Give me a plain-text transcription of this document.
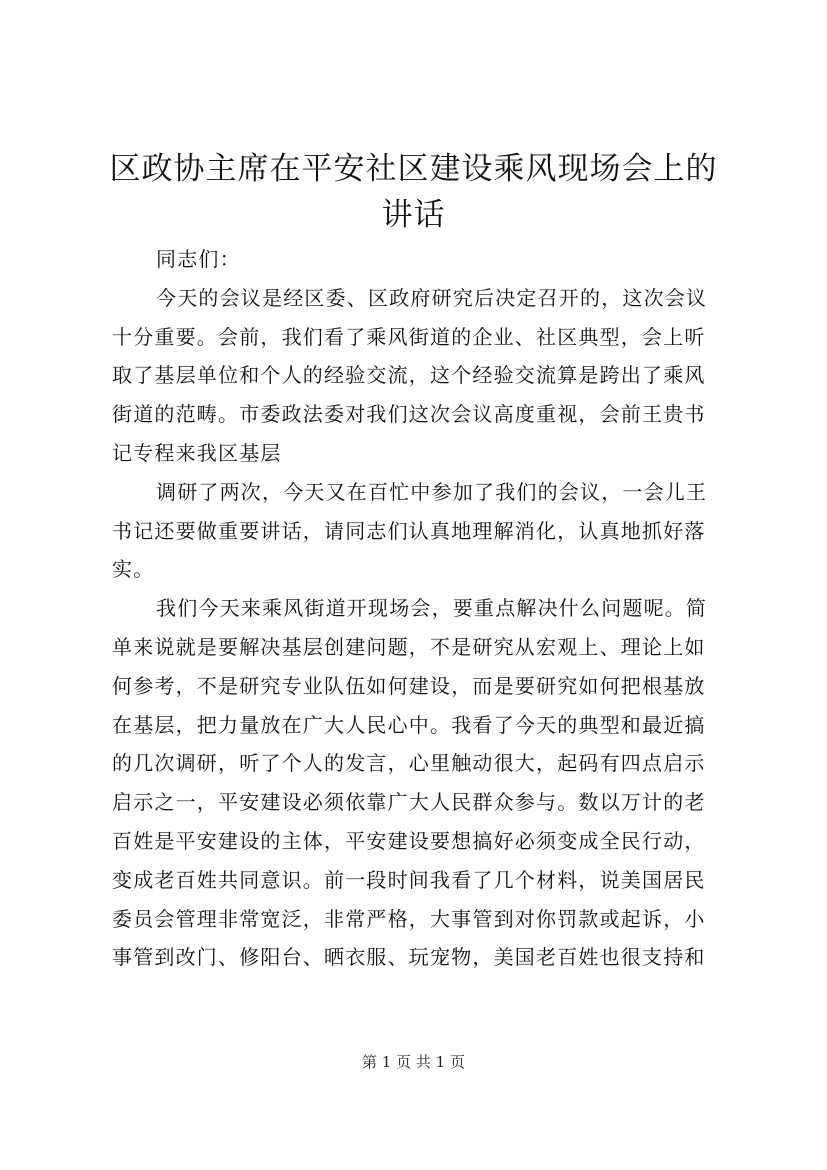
区政协主席在平安社区建设乘风现场会上的讲话

同志们：

今天的会议是经区委、区政府研究后决定召开的，这次会议
十分重要。会前，我们看了乘风街道的企业、社区典型，会上听
取了基层单位和个人的经验交流，这个经验交流算是跨出了乘风
街道的范畴。市委政法委对我们这次会议高度重视，会前王贵书
记专程来我区基层

调研了两次，今天又在百忙中参加了我们的会议，一会儿王
书记还要做重要讲话，请同志们认真地理解消化，认真地抓好落
实。

我们今天来乘风街道开现场会，要重点解决什么问题呢。简
单来说就是要解决基层创建问题，不是研究从宏观上、理论上如
何参考，不是研究专业队伍如何建设，而是要研究如何把根基放
在基层，把力量放在广大人民心中。我看了今天的典型和最近搞
的几次调研，听了个人的发言，心里触动很大，起码有四点启示
启示之一，平安建设必须依靠广大人民群众参与。数以万计的老
百姓是平安建设的主体，平安建设要想搞好必须变成全民行动，
变成老百姓共同意识。前一段时间我看了几个材料，说美国居民
委员会管理非常宽泛，非常严格，大事管到对你罚款或起诉，小
事管到改门、修阳台、晒衣服、玩宠物，美国老百姓也很支持和

第 1 页 共 1 页
